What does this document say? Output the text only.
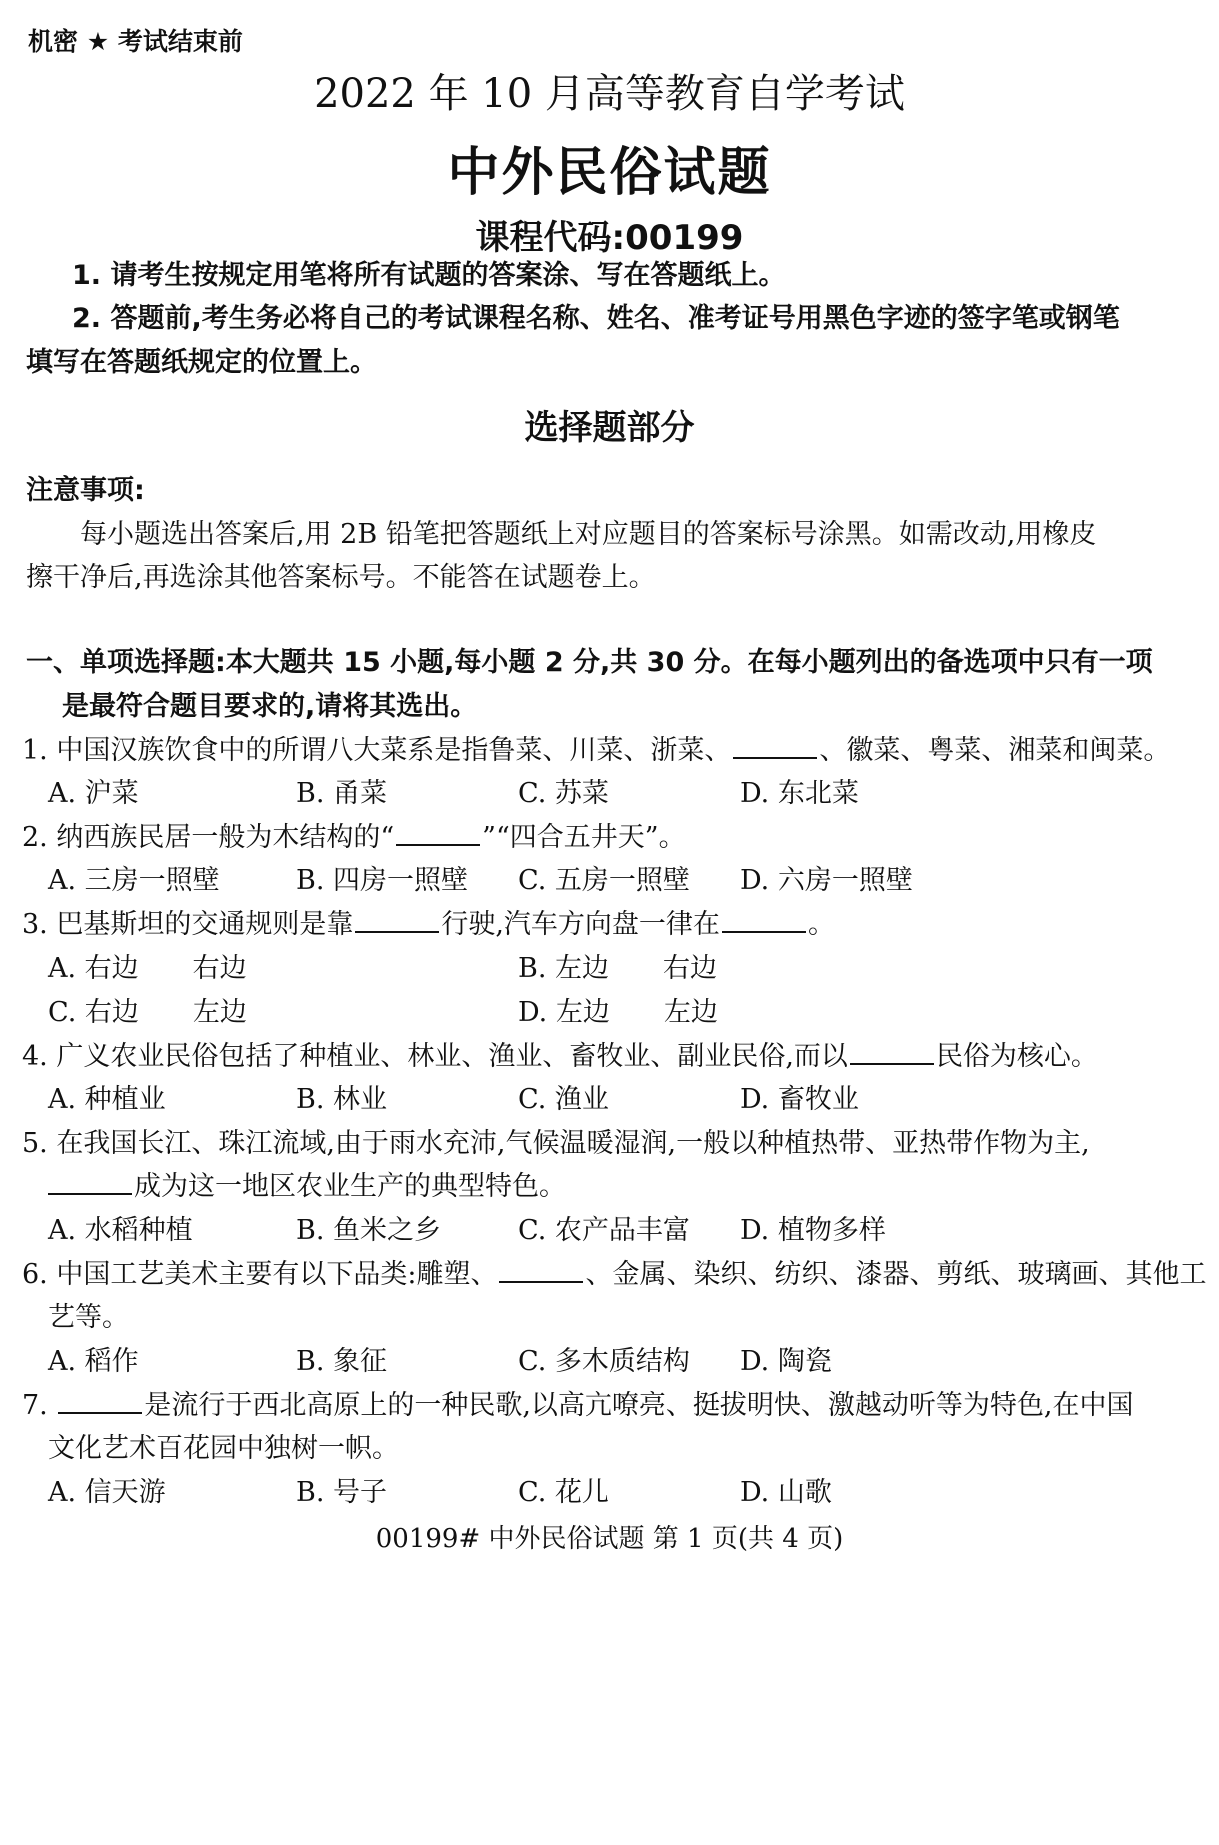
机密 ★ 考试结束前
2022 年 10 月高等教育自学考试
中外民俗试题
课程代码:00199
1. 请考生按规定用笔将所有试题的答案涂、写在答题纸上。
2. 答题前,考生务必将自己的考试课程名称、姓名、准考证号用黑色字迹的签字笔或钢笔
填写在答题纸规定的位置上。
选择题部分
注意事项:
每小题选出答案后,用 2B 铅笔把答题纸上对应题目的答案标号涂黑。如需改动,用橡皮
擦干净后,再选涂其他答案标号。不能答在试题卷上。
一、单项选择题:本大题共 15 小题,每小题 2 分,共 30 分。在每小题列出的备选项中只有一项
是最符合题目要求的,请将其选出。
1. 中国汉族饮食中的所谓八大菜系是指鲁菜、川菜、浙菜、	、徽菜、粤菜、湘菜和闽菜。
A. 沪菜	B. 甬菜	C. 苏菜	D. 东北菜
2. 纳西族民居一般为木结构的“	”“四合五井天”。
A. 三房一照壁	B. 四房一照壁 C. 五房一照壁 D. 六房一照壁
3. 巴基斯坦的交通规则是靠	行驶,汽车方向盘一律在	。
A. 右边　　右边	B. 左边　　右边
C. 右边　　左边	D. 左边　　左边
4. 广义农业民俗包括了种植业、林业、渔业、畜牧业、副业民俗,而以	民俗为核心。
A. 种植业	B. 林业	C. 渔业	D. 畜牧业
5. 在我国长江、珠江流域,由于雨水充沛,气候温暖湿润,一般以种植热带、亚热带作物为主,
成为这一地区农业生产的典型特色。
A. 水稻种植	B. 鱼米之乡	C. 农产品丰富 D. 植物多样
6. 中国工艺美术主要有以下品类:雕塑、	、金属、染织、纺织、漆器、剪纸、玻璃画、其他工
艺等。
A. 稻作	B. 象征	C. 多木质结构 D. 陶瓷
7.	是流行于西北高原上的一种民歌,以高亢嘹亮、挺拔明快、激越动听等为特色,在中国
文化艺术百花园中独树一帜。
A. 信天游	B. 号子	C. 花儿	D. 山歌
00199# 中外民俗试题 第 1 页(共 4 页)
